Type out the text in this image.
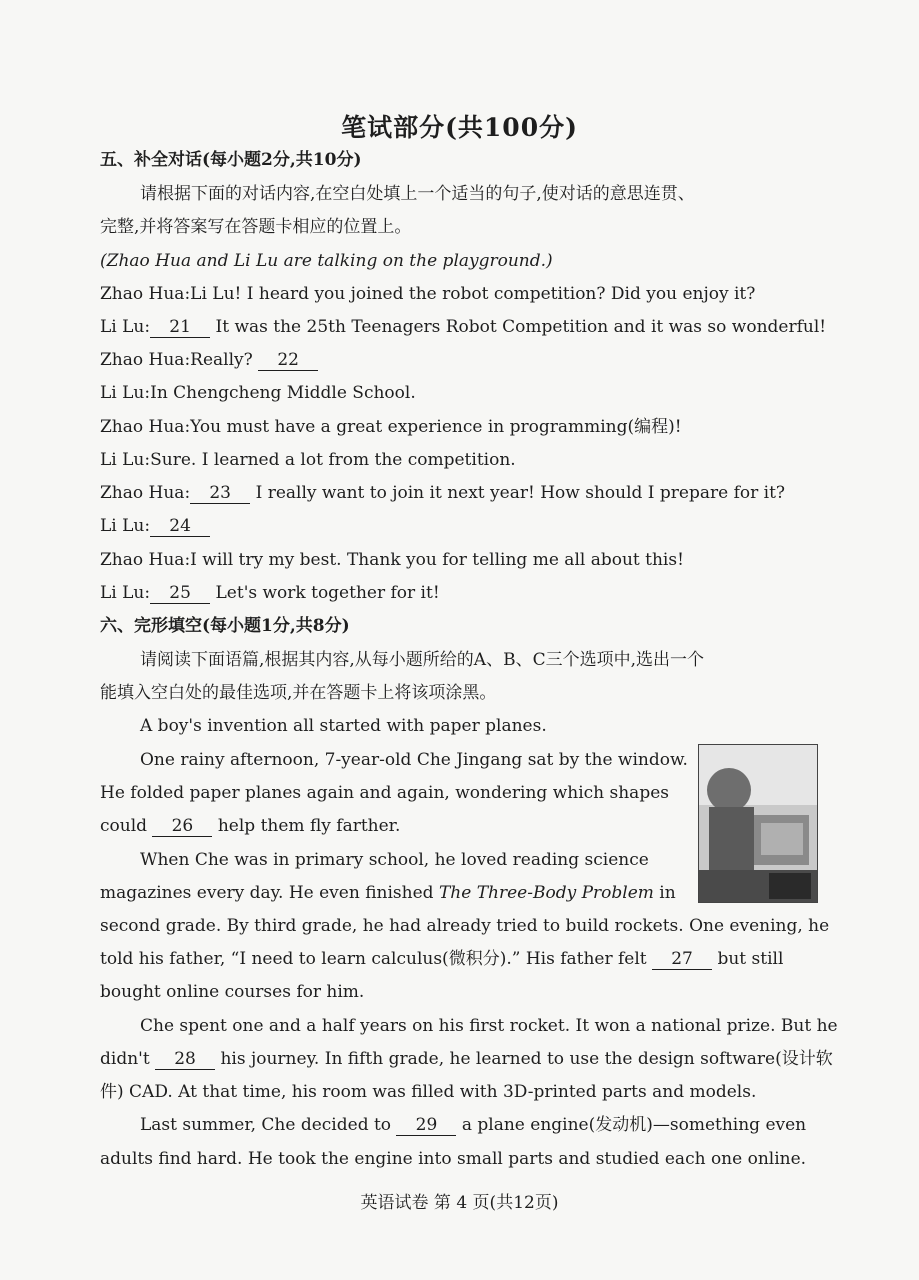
笔试部分(共100分)
五、补全对话(每小题2分,共10分)
请根据下面的对话内容,在空白处填上一个适当的句子,使对话的意思连贯、
完整,并将答案写在答题卡相应的位置上。
(Zhao Hua and Li Lu are talking on the playground.)
Zhao Hua:Li Lu! I heard you joined the robot competition? Did you enjoy it?
Li Lu: 21 It was the 25th Teenagers Robot Competition and it was so wonderful!
Zhao Hua:Really? 22
Li Lu:In Chengcheng Middle School.
Zhao Hua:You must have a great experience in programming(编程)!
Li Lu:Sure. I learned a lot from the competition.
Zhao Hua: 23 I really want to join it next year! How should I prepare for it?
Li Lu: 24
Zhao Hua:I will try my best. Thank you for telling me all about this!
Li Lu: 25 Let's work together for it!
六、完形填空(每小题1分,共8分)
请阅读下面语篇,根据其内容,从每小题所给的A、B、C三个选项中,选出一个
能填入空白处的最佳选项,并在答题卡上将该项涂黑。
A boy's invention all started with paper planes.
One rainy afternoon, 7-year-old Che Jingang sat by the window.
He folded paper planes again and again, wondering which shapes
could 26 help them fly farther.
When Che was in primary school, he loved reading science
magazines every day. He even finished The Three-Body Problem in
second grade. By third grade, he had already tried to build rockets. One evening, he
told his father, “I need to learn calculus(微积分).” His father felt 27 but still
bought online courses for him.
Che spent one and a half years on his first rocket. It won a national prize. But he
didn't 28 his journey. In fifth grade, he learned to use the design software(设计软
件) CAD. At that time, his room was filled with 3D-printed parts and models.
Last summer, Che decided to 29 a plane engine(发动机)—something even
adults find hard. He took the engine into small parts and studied each one online.
英语试卷 第 4 页(共12页)
